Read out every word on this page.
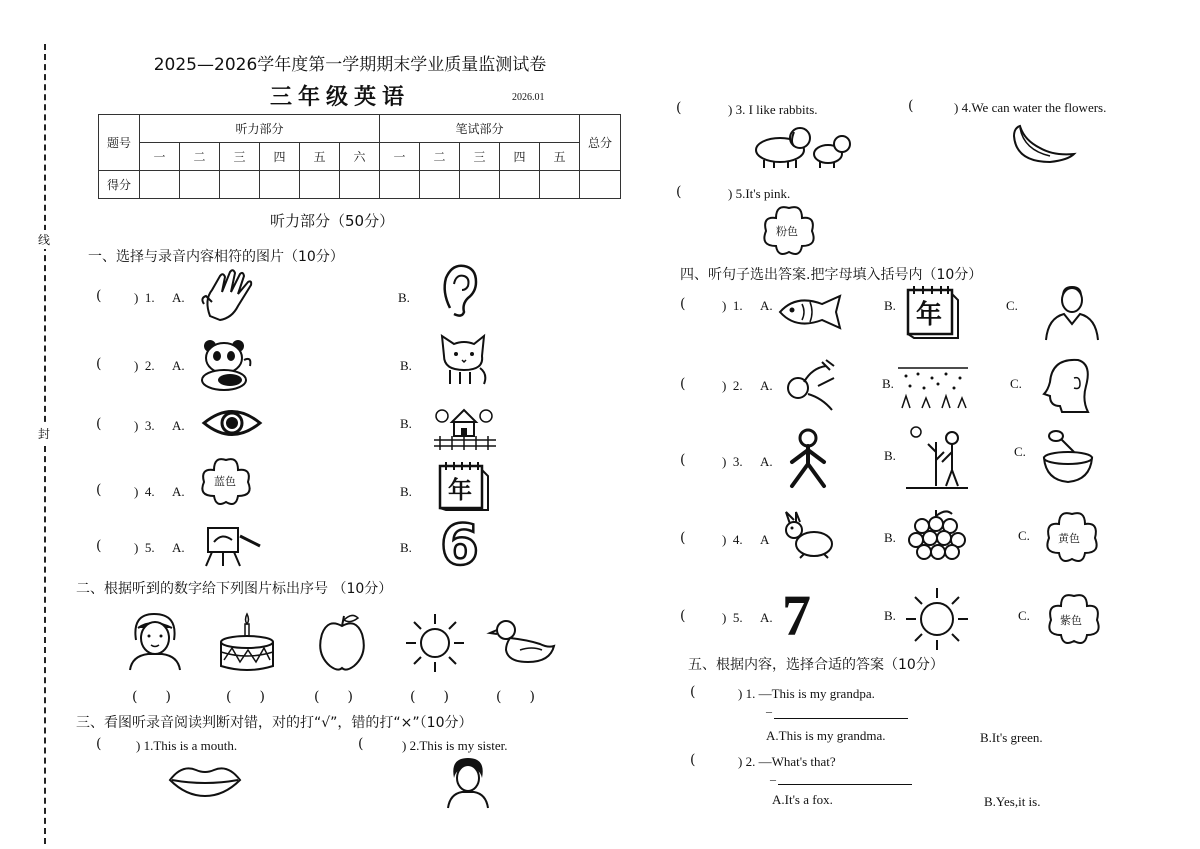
线
封
2025—2026学年度第一学期期末学业质量监测试卷
三年级英语	2026.01
题号	听力部分						笔试部分					总分
	一	二	三	四	五	六	一	二	三	四	五	
得分												
听力部分（50分）
一、选择与录音内容相符的图片（10分）
(	)  1. A.	B.
(	)  2. A.	B.
(	)  3. A.	B.
(	)  4. A.
蓝色
B. 年
(	)  5. A.	B. 6
二、根据听到的数字给下列图片标出序号 （10分）
(　　)	(　　)	(　　)	(　　)	(　　)
三、看图听录音阅读判断对错，对的打“√”，错的打“×”（10分）
(	) 1.This is a mouth.	(	) 2.This is my sister.
(	) 3. I like rabbits.	(	) 4.We can water the flowers.
(	) 5.It's pink.
粉色
四、听句子选出答案.把字母填入括号内（10分）
(	)  1. A.	B. 年	C.
(	)  2. A.	B.	C.
(	)  3. A.	B.	C.
(	)  4. A	B.	C.	黄色
(	)  5. A. 7	B.	C.	紫色
五、根据内容，选择合适的答案（10分）
(	) 1. —This is my grandpa.
–
A.This is my grandma.	B.It's green.
(	) 2. —What's that?
–
A.It's a fox.	B.Yes,it is.
